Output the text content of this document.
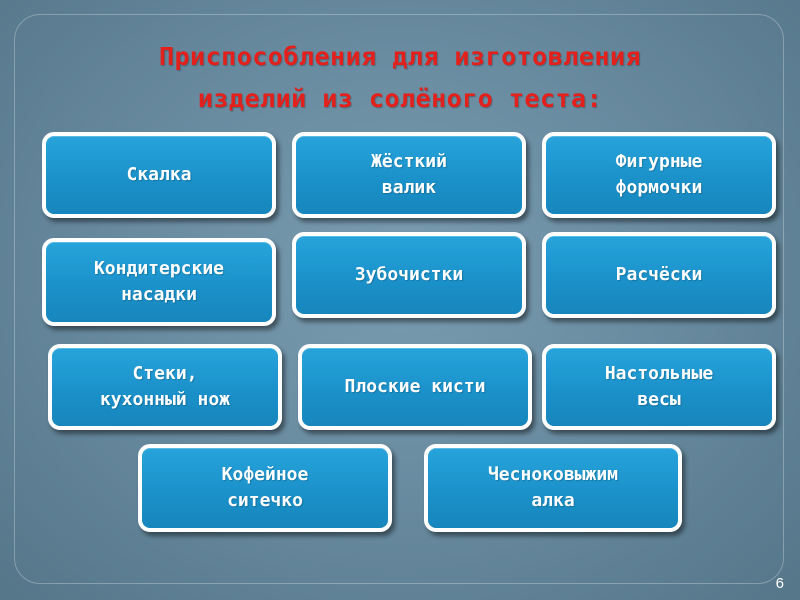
Приспособления для изготовления
изделий из солёного теста:
Скалка
Жёсткий
валик
Фигурные
формочки
Кондитерские
насадки
Зубочистки	Расчёски
Стеки,
кухонный нож
Плоские кисти
Настольные
весы
Кофейное
ситечко
Чесноковыжим
алка
6
